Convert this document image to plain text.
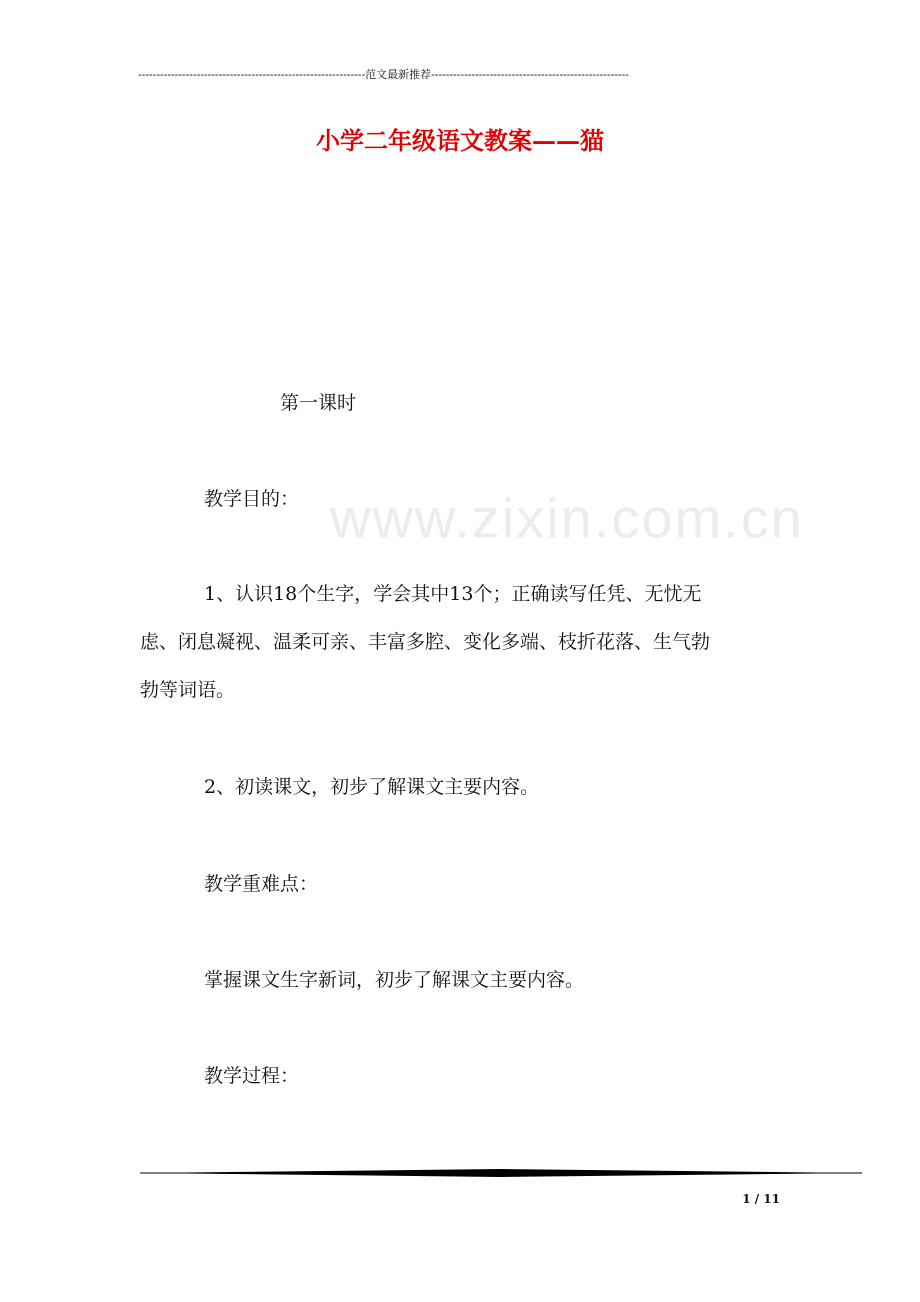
--------------------------------------------------------------范文最新推荐------------------------------------------------------
小学二年级语文教案——猫
www.zixin.com.cn
第一课时
教学目的：
1、认识18个生字，学会其中13个；正确读写任凭、无忧无
虑、闭息凝视、温柔可亲、丰富多腔、变化多端、枝折花落、生气勃
勃等词语。
2、初读课文，初步了解课文主要内容。
教学重难点：
掌握课文生字新词，初步了解课文主要内容。
教学过程：
1 / 11
